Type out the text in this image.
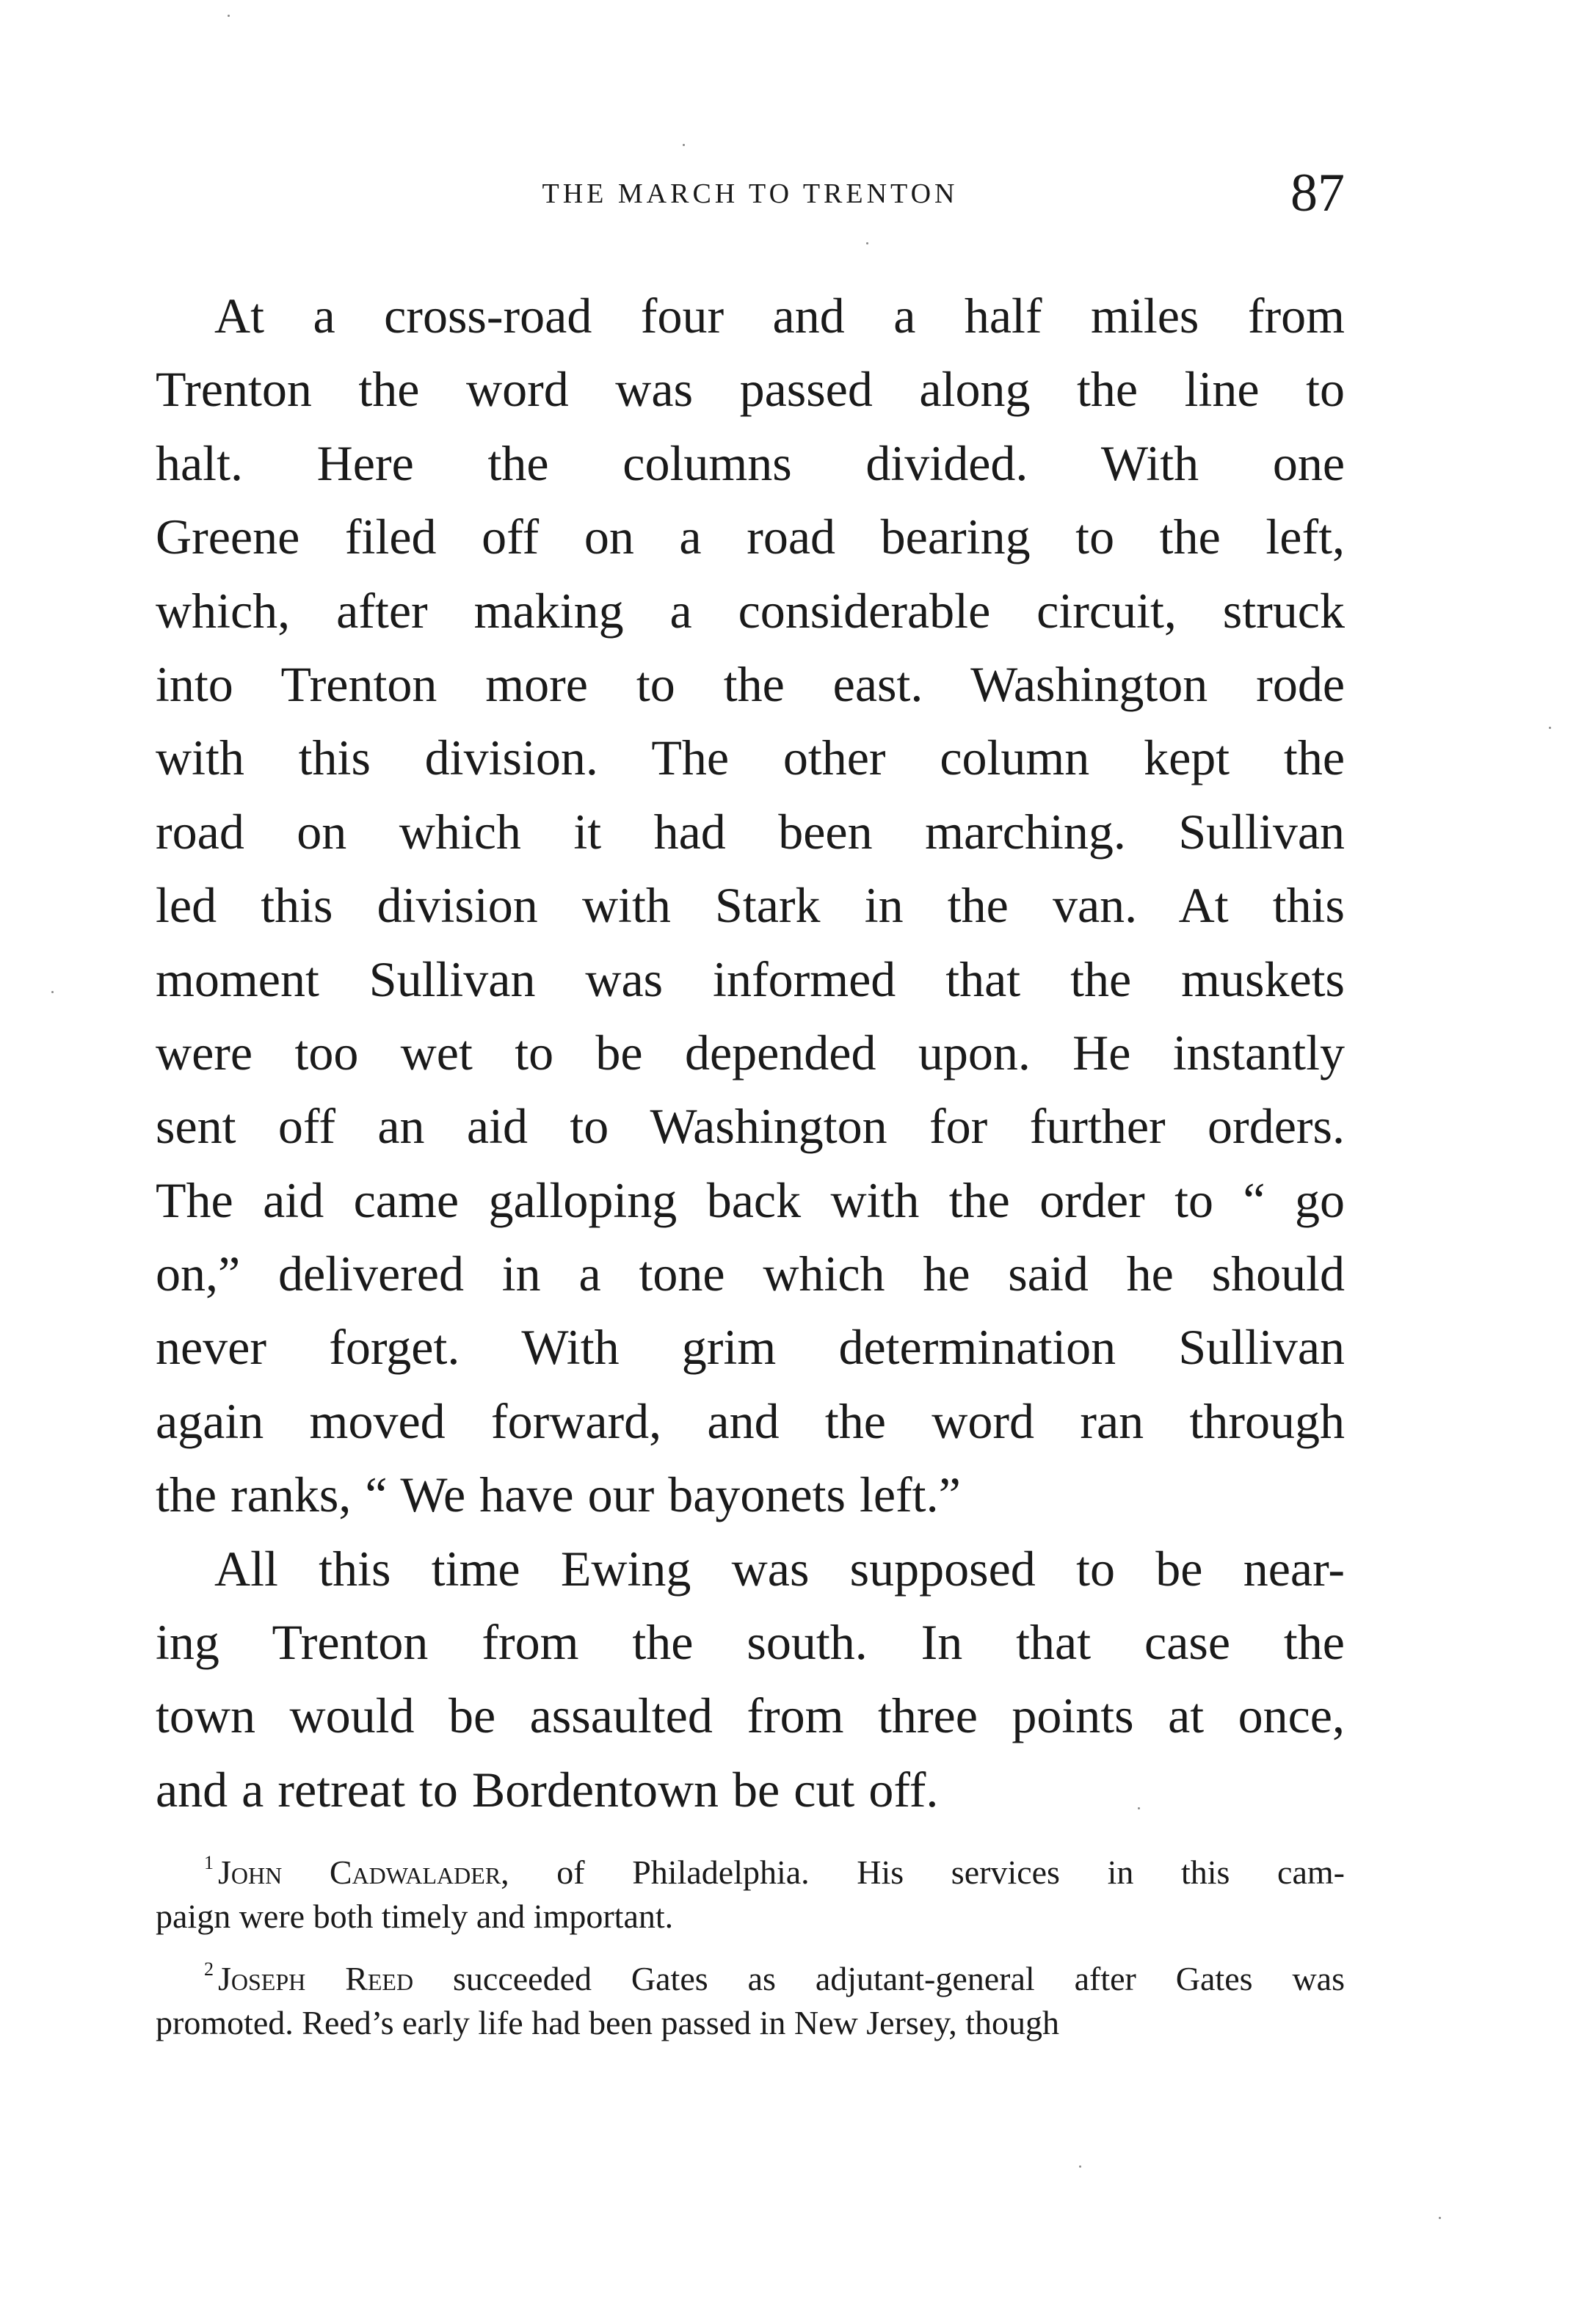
THE MARCH TO TRENTON	87

At a cross-road four and a half miles from
Trenton the word was passed along the line to
halt. Here the columns divided. With one
Greene filed off on a road bearing to the left,
which, after making a considerable circuit, struck
into Trenton more to the east. Washington rode
with this division. The other column kept the
road on which it had been marching. Sullivan
led this division with Stark in the van. At this
moment Sullivan was informed that the muskets
were too wet to be depended upon. He instantly
sent off an aid to Washington for further orders.
The aid came galloping back with the order to “ go
on,” delivered in a tone which he said he should
never forget. With grim determination Sullivan
again moved forward, and the word ran through
the ranks, “ We have our bayonets left.”

All this time Ewing was supposed to be near-
ing Trenton from the south. In that case the
town would be assaulted from three points at once,
and a retreat to Bordentown be cut off.

$^1$ John Cadwalader, of Philadelphia. His services in this cam-
paign were both timely and important.

$^2$ Joseph Reed succeeded Gates as adjutant-general after Gates was
promoted. Reed’s early life had been passed in New Jersey, though
